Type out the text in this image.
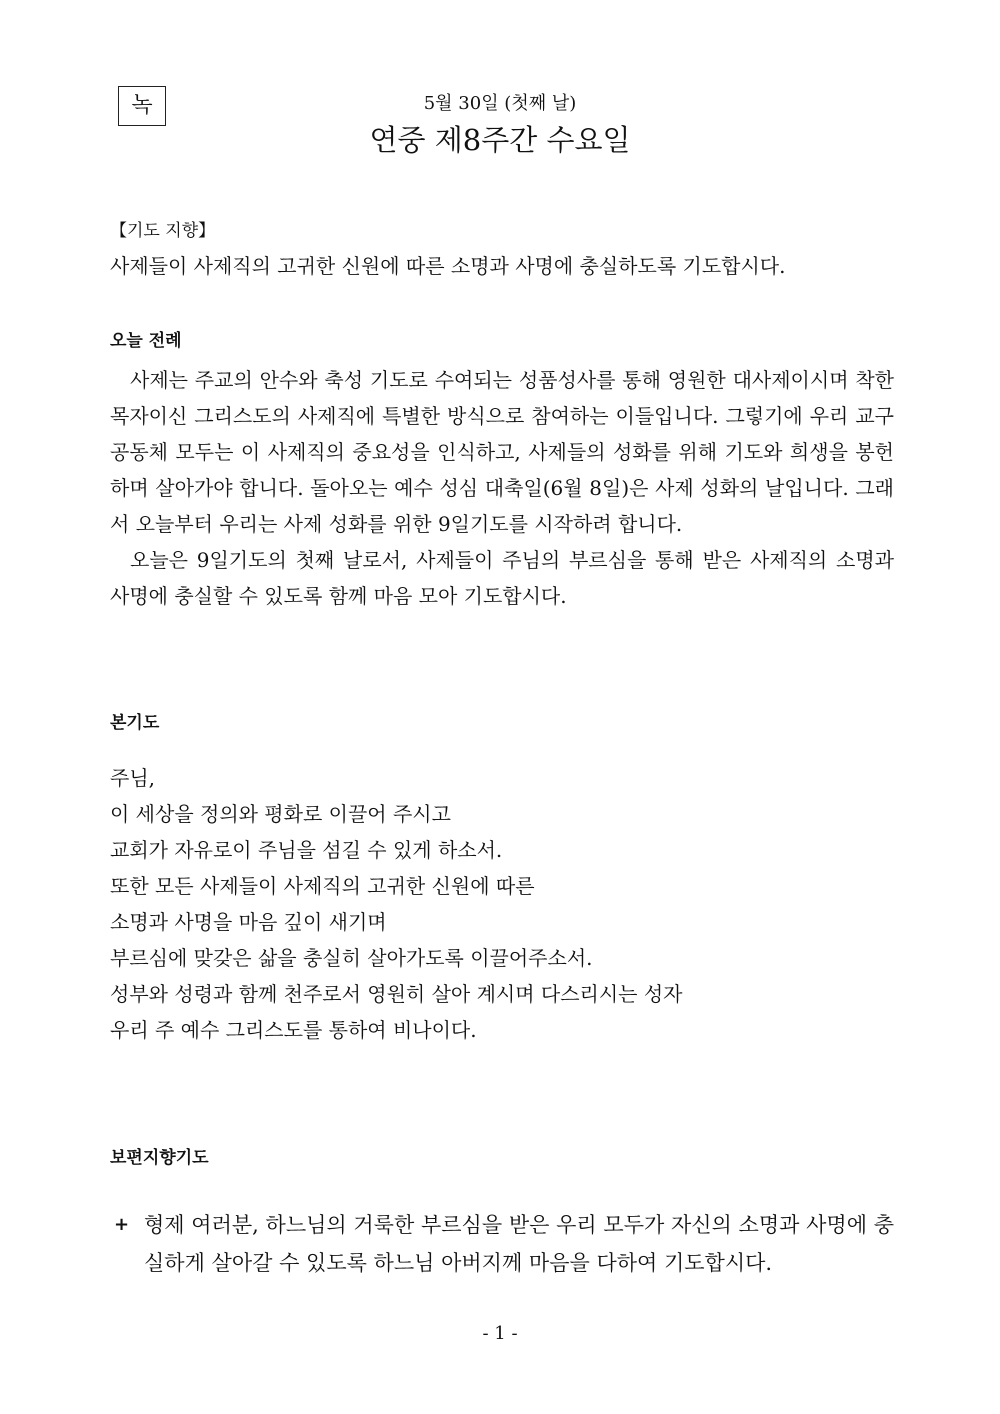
녹	5월 30일 (첫째 날)
연중 제8주간 수요일
【기도 지향】
사제들이 사제직의 고귀한 신원에 따른 소명과 사명에 충실하도록 기도합시다.
오늘 전례

사제는 주교의 안수와 축성 기도로 수여되는 성품성사를 통해 영원한 대사제이시며 착한 목자이신 그리스도의 사제직에 특별한 방식으로 참여하는 이들입니다. 그렇기에 우리 교구 공동체 모두는 이 사제직의 중요성을 인식하고, 사제들의 성화를 위해 기도와 희생을 봉헌하며 살아가야 합니다. 돌아오는 예수 성심 대축일(6월 8일)은 사제 성화의 날입니다. 그래서 오늘부터 우리는 사제 성화를 위한 9일기도를 시작하려 합니다.

오늘은 9일기도의 첫째 날로서, 사제들이 주님의 부르심을 통해 받은 사제직의 소명과 사명에 충실할 수 있도록 함께 마음 모아 기도합시다.

본기도
주님,
이 세상을 정의와 평화로 이끌어 주시고
교회가 자유로이 주님을 섬길 수 있게 하소서.
또한 모든 사제들이 사제직의 고귀한 신원에 따른
소명과 사명을 마음 깊이 새기며
부르심에 맞갖은 삶을 충실히 살아가도록 이끌어주소서.
성부와 성령과 함께 천주로서 영원히 살아 계시며 다스리시는 성자
우리 주 예수 그리스도를 통하여 비나이다.
보편지향기도
+ 형제 여러분, 하느님의 거룩한 부르심을 받은 우리 모두가 자신의 소명과 사명에 충실하게 살아갈 수 있도록 하느님 아버지께 마음을 다하여 기도합시다.
- 1 -
